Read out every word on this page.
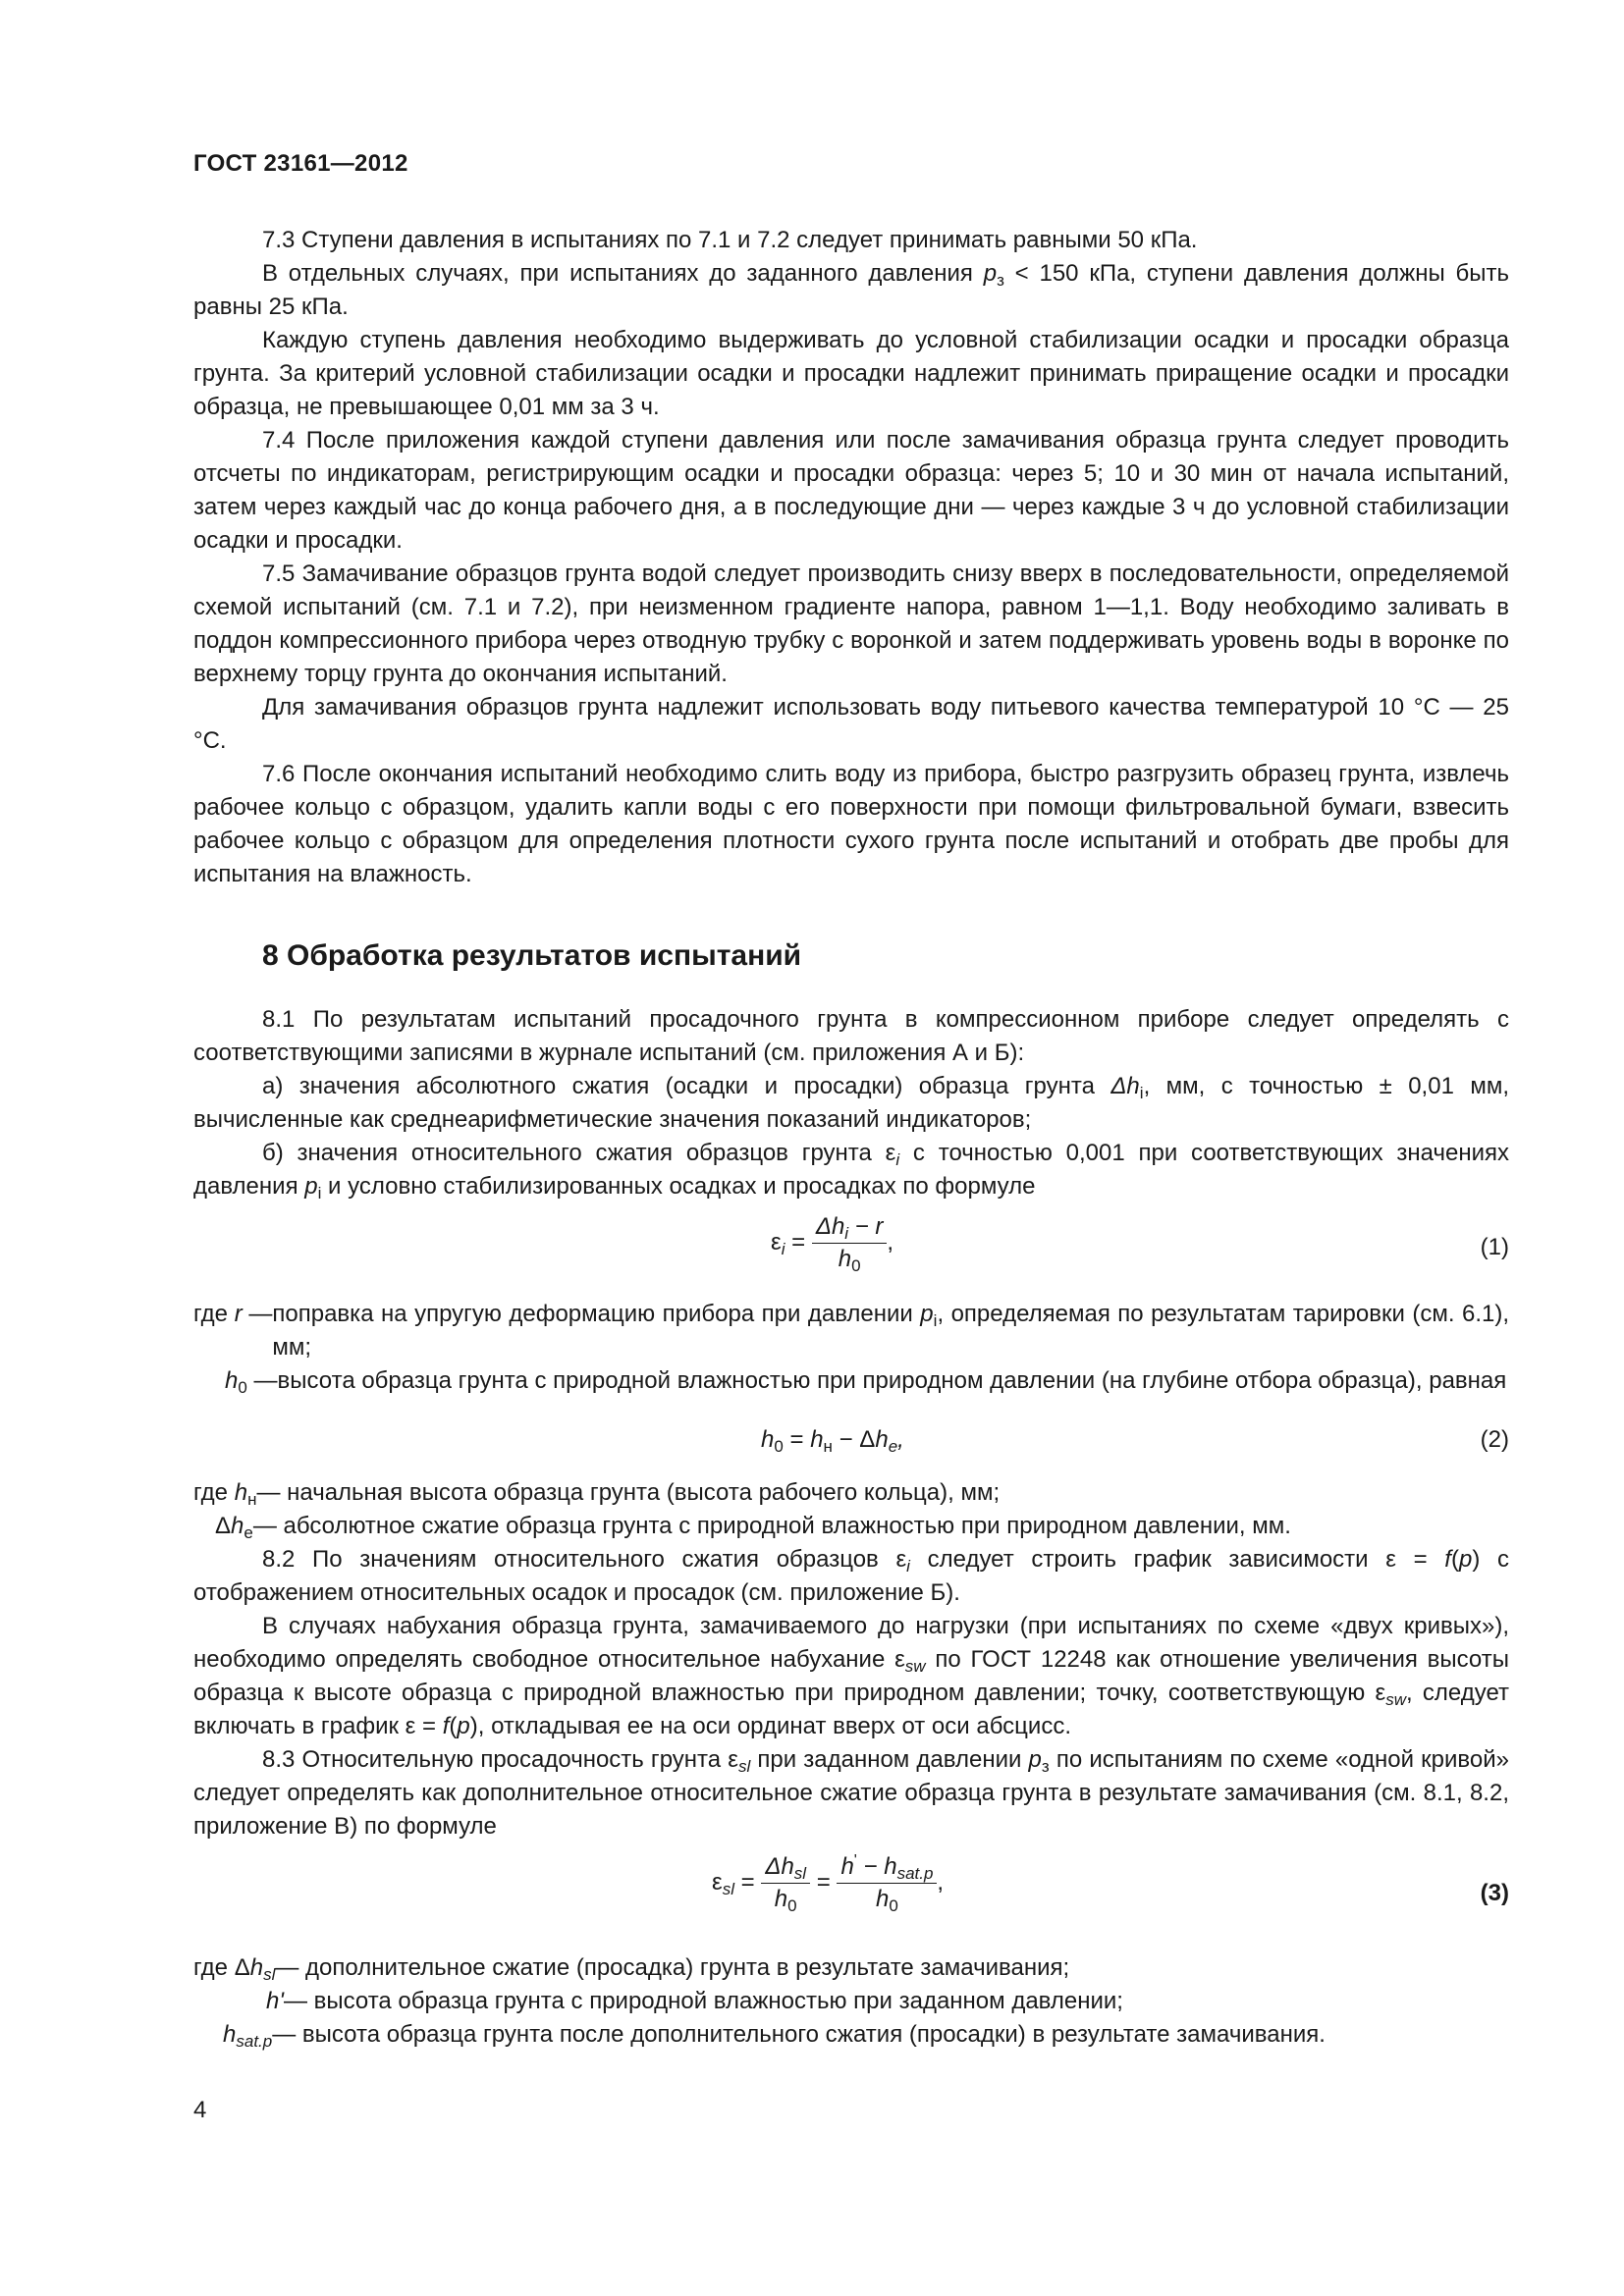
ГОСТ 23161—2012

7.3 Ступени давления в испытаниях по 7.1 и 7.2 следует принимать равными 50 кПа.

В отдельных случаях, при испытаниях до заданного давления $p_з < 150$ кПа, ступени давления должны быть равны 25 кПа.

Каждую ступень давления необходимо выдерживать до условной стабилизации осадки и просадки образца грунта. За критерий условной стабилизации осадки и просадки надлежит принимать приращение осадки и просадки образца, не превышающее 0,01 мм за 3 ч.

7.4 После приложения каждой ступени давления или после замачивания образца грунта следует проводить отсчеты по индикаторам, регистрирующим осадки и просадки образца: через 5; 10 и 30 мин от начала испытаний, затем через каждый час до конца рабочего дня, а в последующие дни — через каждые 3 ч до условной стабилизации осадки и просадки.

7.5 Замачивание образцов грунта водой следует производить снизу вверх в последовательности, определяемой схемой испытаний (см. 7.1 и 7.2), при неизменном градиенте напора, равном 1—1,1. Воду необходимо заливать в поддон компрессионного прибора через отводную трубку с воронкой и затем поддерживать уровень воды в воронке по верхнему торцу грунта до окончания испытаний.

Для замачивания образцов грунта надлежит использовать воду питьевого качества температурой 10 °С — 25 °С.

7.6 После окончания испытаний необходимо слить воду из прибора, быстро разгрузить образец грунта, извлечь рабочее кольцо с образцом, удалить капли воды с его поверхности при помощи фильтровальной бумаги, взвесить рабочее кольцо с образцом для определения плотности сухого грунта после испытаний и отобрать две пробы для испытания на влажность.

8 Обработка результатов испытаний

8.1 По результатам испытаний просадочного грунта в компрессионном приборе следует определять с соответствующими записями в журнале испытаний (см. приложения А и Б):

а) значения абсолютного сжатия (осадки и просадки) образца грунта $\Delta h_i$, мм, с точностью ± 0,01 мм, вычисленные как среднеарифметические значения показаний индикаторов;

б) значения относительного сжатия образцов грунта $\varepsilon_i$ с точностью 0,001 при соответствующих значениях давления $p_i$ и условно стабилизированных осадках и просадках по формуле

$\varepsilon_i = \frac{\Delta h_i - r}{h_0}$ ,	(1)
где r — поправка на упругую деформацию прибора при давлении $p_i$, определяемая по результатам тарировки (см. 6.1), мм;
$h_0$ — высота образца грунта с природной влажностью при природном давлении (на глубине отбора образца), равная
$h_0 = h_н - \Delta h_e$,	(2)
где $h_н$ — начальная высота образца грунта (высота рабочего кольца), мм;
$\Delta h_е$ — абсолютное сжатие образца грунта с природной влажностью при природном давлении, мм.

8.2 По значениям относительного сжатия образцов $\varepsilon_i$ следует строить график зависимости ε = f(p) с отображением относительных осадок и просадок (см. приложение Б).

В случаях набухания образца грунта, замачиваемого до нагрузки (при испытаниях по схеме «двух кривых»), необходимо определять свободное относительное набухание $\varepsilon_{sw}$ по ГОСТ 12248 как отношение увеличения высоты образца к высоте образца с природной влажностью при природном давлении; точку, соответствующую $\varepsilon_{sw}$, следует включать в график ε = f(p), откладывая ее на оси ординат вверх от оси абсцисс.

8.3 Относительную просадочность грунта $\varepsilon_{sl}$ при заданном давлении $p_з$ по испытаниям по схеме «одной кривой» следует определять как дополнительное относительное сжатие образца грунта в результате замачивания (см. 8.1, 8.2, приложение В) по формуле

$\varepsilon_{sl} = \frac{\Delta h_{sl}}{h_0} = \frac{h' - h_{sat.p}}{h_0}$ ,	(3)
где $\Delta h_{sl}$ — дополнительное сжатие (просадка) грунта в результате замачивания;
h' — высота образца грунта с природной влажностью при заданном давлении;
$h_{sat.p}$ — высота образца грунта после дополнительного сжатия (просадки) в результате замачивания.
4
